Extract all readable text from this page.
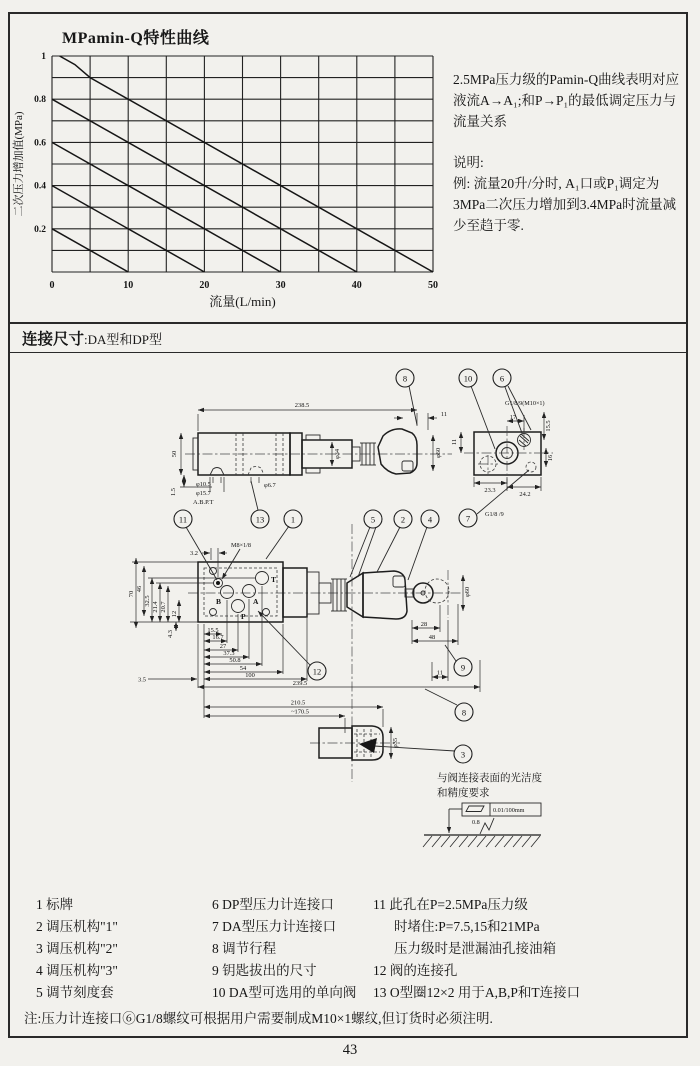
MPamin-Q特性曲线
1
0.8
0.6
0.4
0.2
0	10	20	30	40	50
流量(L/min)
二次压力增加值(MPa)

2.5MPa压力级的Pamin-Q曲线表明对应液流A→A₁;和P→P₁的最低调定压力与流量关系

说明:

例: 流量20升/分时, A₁口或P₁调定为3MPa二次压力增加到3.4MPa时流量减少至趋于零.

连接尺寸 :DA型和DP型
238.5
11
φ60
50
1.5
φ34
φ10.5
φ15.7
A.B.P.T
φ6.7
G1/8/9(M10×1)
17
15.5
11
16
23.3
24.2
G1/8 /9
T
B	A
P
3.2
M8×1/8
70
46
32.5
21.4 20.7
12
4.3	15.5
16.7
27
37.3
50.8
54
100
3.5	239.5
210.5
~170.5
28
48
11
φ60
φ35
与阀连接表面的光洁度
和精度要求
0.01/100mm
0.8
8	10	6
11	13	1	5	2	4	7
12	9
8
3
1 标牌
2 调压机构"1"
3 调压机构"2"
4 调压机构"3"
5 调节刻度套
6 DP型压力计连接口
7 DA型压力计连接口
8 调节行程
9 钥匙拔出的尺寸
10 DA型可选用的单向阀
11 此孔在P=2.5MPa压力级
时堵住:P=7.5,15和21MPa
压力级时是泄漏油孔接油箱
12 阀的连接孔
13 O型圈12×2 用于A,B,P和T连接口
注:压力计连接口⑥G1/8螺纹可根据用户需要制成M10×1螺纹,但订货时必须注明.
43
